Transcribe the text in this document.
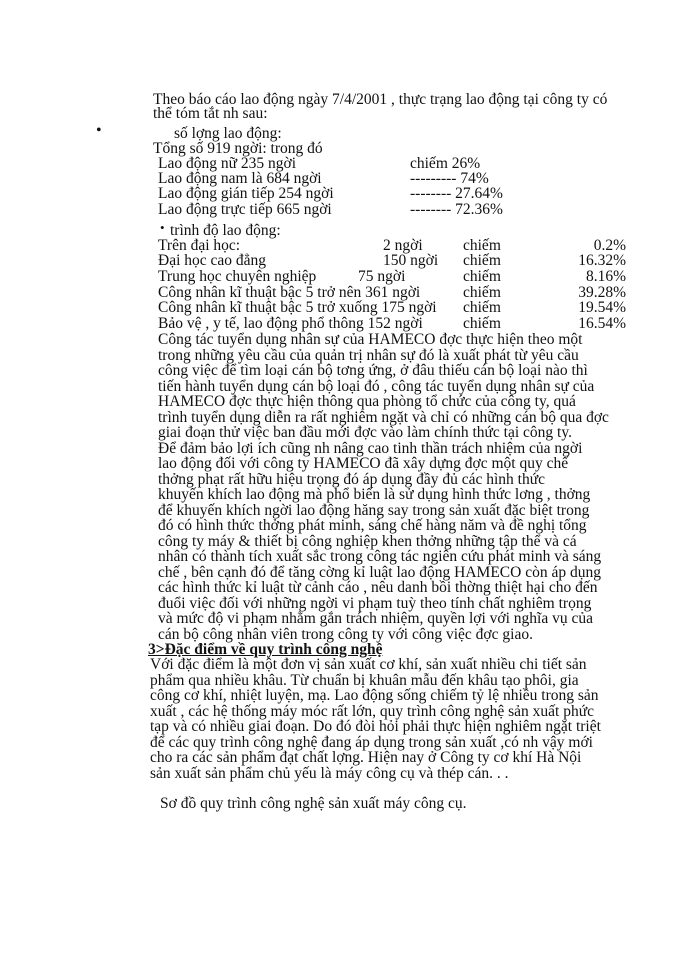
Theo báo cáo lao động ngày 7/4/2001 , thực trạng lao động tại công ty có
thể tóm tắt nh sau:
•	số lợng lao động:
Tổng số 919 ngời: trong đó
Lao động nữ 235 ngời	chiếm 26%
Lao động nam là 684 ngời	--------- 74%
Lao động gián tiếp 254 ngời	-------- 27.64%
Lao động trực tiếp 665 ngời	-------- 72.36%
• trình độ lao động:
Trên đại học:	2 ngời	chiếm	0.2%
Đại học cao đẳng	150 ngời chiếm	16.32%
Trung học chuyên nghiệp	75 ngời	chiếm	8.16%
Công nhân kĩ thuật bậc 5 trở nên 361 ngời	chiếm	39.28%
Công nhân kĩ thuật bậc 5 trở xuống 175 ngời chiếm	19.54%
Bảo vệ , y tế, lao động phổ thông 152 ngời	chiếm	16.54%
Công tác tuyển dụng nhân sự của HAMECO đợc thực hiện theo một
trong những yêu cầu của quản trị nhân sự đó là xuất phát từ yêu cầu
công việc để tìm loại cán bộ tơng ứng, ở đâu thiếu cán bộ loại nào thì
tiến hành tuyển dụng cán bộ loại đó , công tác tuyển dụng nhân sự của
HAMECO đợc thực hiện thông qua phòng tổ chức của công ty, quá
trình tuyển dụng diễn ra rất nghiêm ngặt và chỉ có những cán bộ qua đợc
giai đoạn thử việc ban đầu mới đợc vào làm chính thức tại công ty.
Để đảm bảo lợi ích cũng nh nâng cao tinh thần trách nhiệm của ngời
lao động đối với công ty HAMECO đã xây dựng đợc một quy chế
thởng phạt rất hữu hiệu trọng đó áp dụng đầy đủ các hình thức
khuyến khích lao động mà phổ biến là sử dụng hình thức lơng , thởng
để khuyến khích ngời lao động hăng say trong sản xuất đặc biệt trong
đó có hình thức thởng phát minh, sáng chế hàng năm và đề nghị tổng
công ty máy & thiết bị công nghiệp khen thởng những tập thể và cá
nhân có thành tích xuất sắc trong công tác ngiên cứu phát minh và sáng
chế , bên cạnh đó để tăng cờng kỉ luật lao động HAMECO còn áp dụng
các hình thức kỉ luật từ cảnh cáo , nêu danh bồi thờng thiệt hại cho đến
đuổi việc đối với những ngời vi phạm tuỳ theo tính chất nghiêm trọng
và mức độ vi phạm nhằm gắn trách nhiệm, quyền lợi với nghĩa vụ của
cán bộ công nhân viên trong công ty với công việc đợc giao.
3>Đặc điểm về quy trình công nghệ
Với đặc điểm là một đơn vị sản xuất cơ khí, sản xuất nhiều chi tiết sản
phẩm qua nhiều khâu. Từ chuẩn bị khuân mẫu đến khâu tạo phôi, gia
công cơ khí, nhiệt luyện, mạ. Lao động sống chiếm tỷ lệ nhiều trong sản
xuất , các hệ thống máy móc rất lớn, quy trình công nghệ sản xuất phức
tạp và có nhiều giai đoạn. Do đó đòi hỏi phải thực hiện nghiêm ngặt triệt
để các quy trình công nghệ đang áp dụng trong sản xuất ,có nh vậy mới
cho ra các sản phẩm đạt chất lợng. Hiện nay ở Công ty cơ khí Hà Nội
sản xuất sản phẩm chủ yếu là máy công cụ và thép cán. . .
Sơ đồ quy trình công nghệ sản xuất máy công cụ.
